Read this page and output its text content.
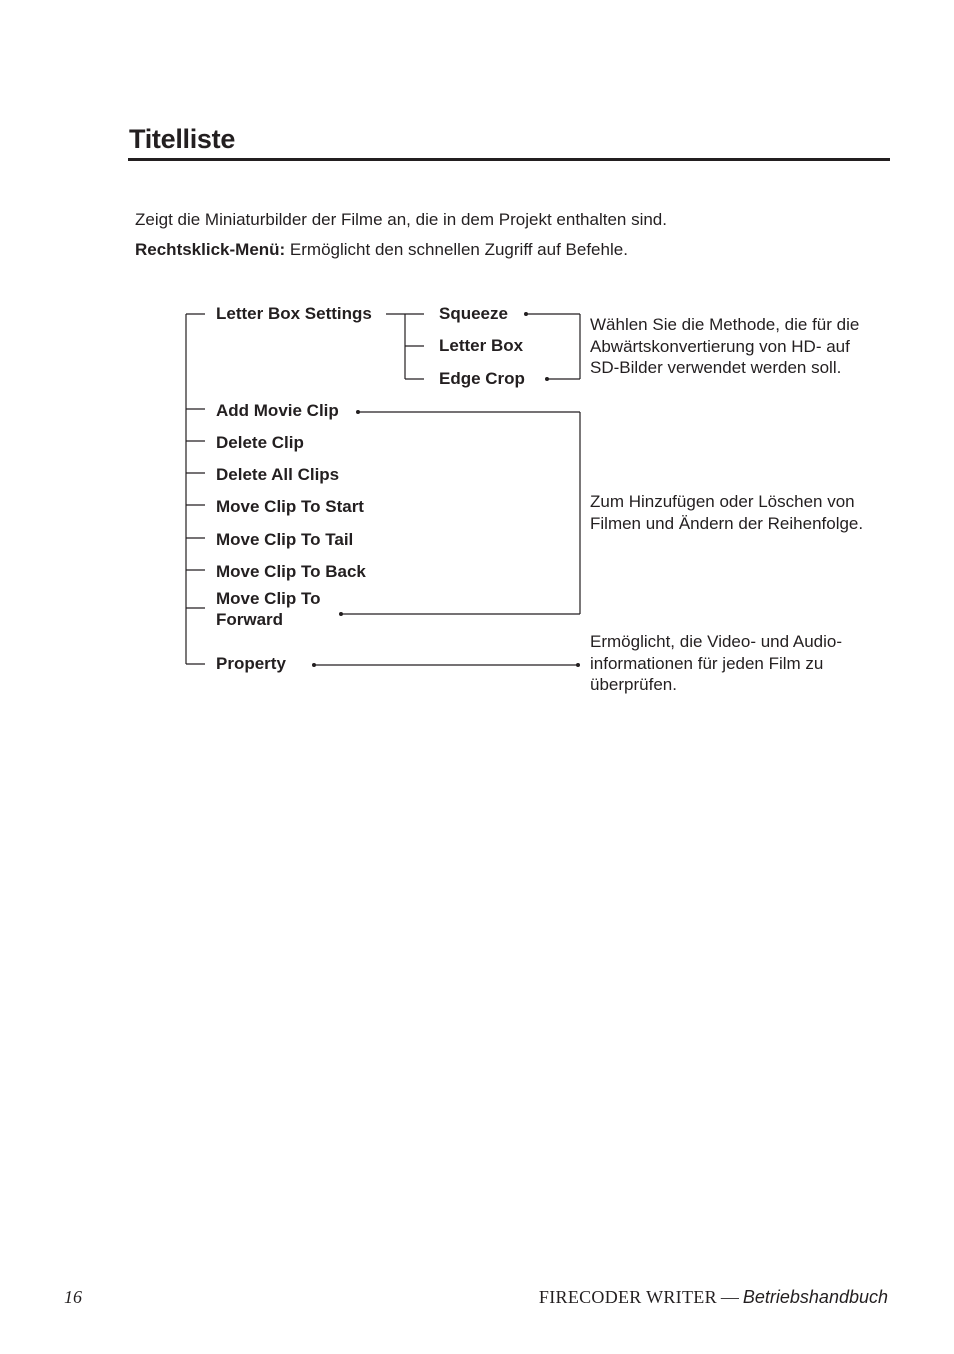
Titelliste
Zeigt die Miniaturbilder der Filme an, die in dem Projekt enthalten sind.
Rechtsklick-Menü: Ermöglicht den schnellen Zugriff auf Befehle.
Letter Box Settings	Squeeze
Letter Box
Edge Crop
Add Movie Clip
Delete Clip
Delete All Clips
Move Clip To Start
Move Clip To Tail
Move Clip To Back
Move Clip To
Forward
Property
Wählen Sie die Methode, die für die
Abwärtskonvertierung von HD- auf
SD-Bilder verwendet werden soll.
Zum Hinzufügen oder Löschen von
Filmen und Ändern der Reihenfolge.
Ermöglicht, die Video- und Audio-
informationen für jeden Film zu
überprüfen.
16	FIRECODER WRITER — Betriebshandbuch
